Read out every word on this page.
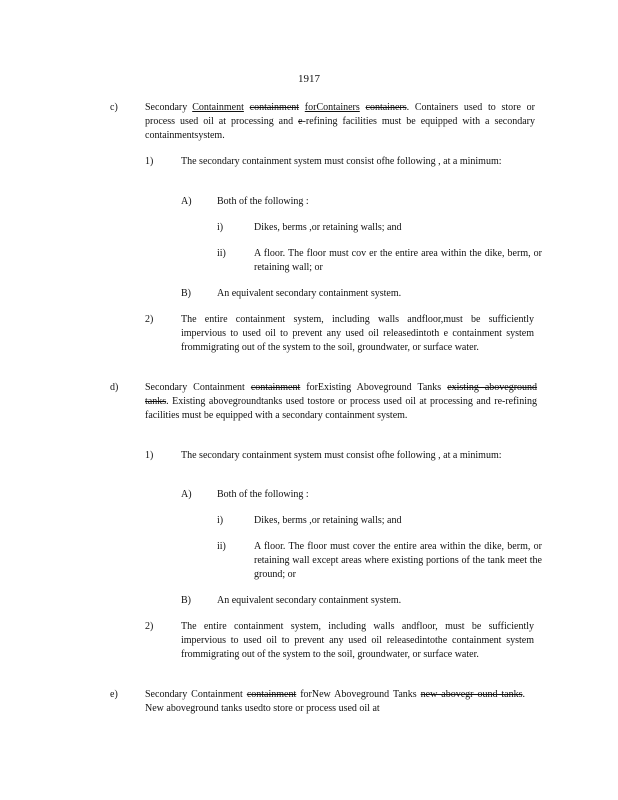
1917
c)	Secondary Containment containment forContainers containers. Containers used to store or process used oil at processing and e-refining facilities must be equipped with a secondary containmentsystem.

1)	The secondary containment system must consist ofhe following , at a minimum:

A)	Both of the following :

i)	Dikes, berms ,or retaining walls; and

ii)	A floor. The floor must cov er the entire area within the dike, berm, or retaining wall; or

B)	An equivalent secondary containment system.

2)	The entire containment system, including walls andfloor,must be sufficiently impervious to used oil to prevent any used oil releasedintoth e containment system frommigrating out of the system to the soil, groundwater, or surface water.

d)	Secondary Containment containment forExisting Aboveground Tanks existing aboveground tanks. Existing abovegroundtanks used tostore or process used oil at processing and re-refining facilities must be equipped with a secondary containment system.

1)	The secondary containment system must consist ofhe following , at a minimum:

A)	Both of the following :

i)	Dikes, berms ,or retaining walls; and

ii)	A floor. The floor must cover the entire area within the dike, berm, or retaining wall except areas where existing portions of the tank meet the ground; or

B)	An equivalent secondary containment system.

2)	The entire containment system, including walls andfloor, must be sufficiently impervious to used oil to prevent any used oil releasedintothe containment system frommigrating out of the system to the soil, groundwater, or surface water.

e)	Secondary Containment containment forNew Aboveground Tanks new abovegr ound tanks. New aboveground tanks usedto store or process used oil at
